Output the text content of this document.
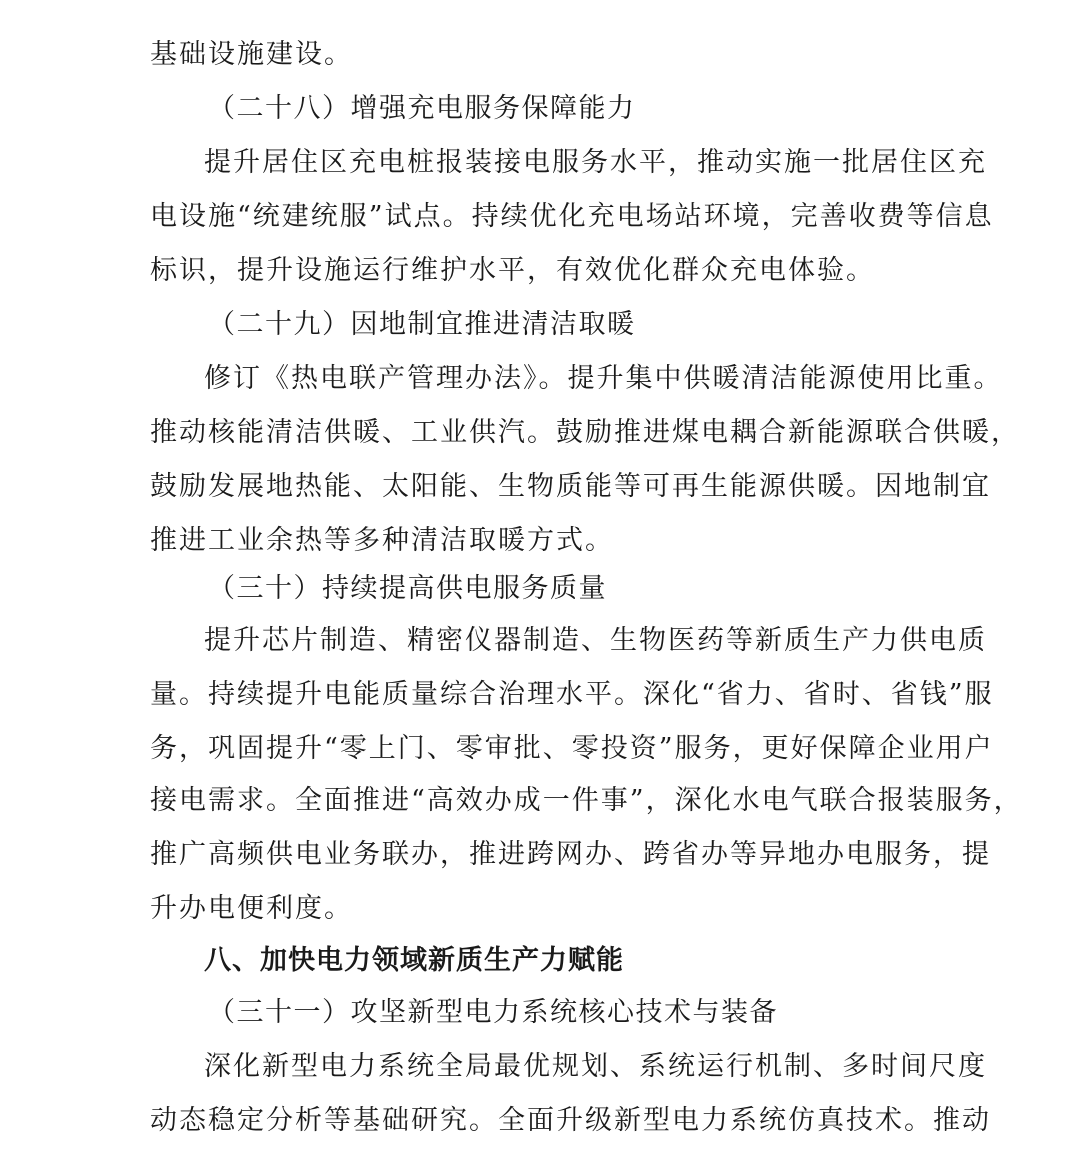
基础设施建设。
（二十八）增强充电服务保障能力
提升居住区充电桩报装接电服务水平，推动实施一批居住区充
电设施“统建统服”试点。持续优化充电场站环境，完善收费等信息
标识，提升设施运行维护水平，有效优化群众充电体验。
（二十九）因地制宜推进清洁取暖
修订《热电联产管理办法》。提升集中供暖清洁能源使用比重。
推动核能清洁供暖、工业供汽。鼓励推进煤电耦合新能源联合供暖，
鼓励发展地热能、太阳能、生物质能等可再生能源供暖。因地制宜
推进工业余热等多种清洁取暖方式。
（三十）持续提高供电服务质量
提升芯片制造、精密仪器制造、生物医药等新质生产力供电质
量。持续提升电能质量综合治理水平。深化“省力、省时、省钱”服
务，巩固提升“零上门、零审批、零投资”服务，更好保障企业用户
接电需求。全面推进“高效办成一件事”，深化水电气联合报装服务，
推广高频供电业务联办，推进跨网办、跨省办等异地办电服务，提
升办电便利度。
八、加快电力领域新质生产力赋能
（三十一）攻坚新型电力系统核心技术与装备
深化新型电力系统全局最优规划、系统运行机制、多时间尺度
动态稳定分析等基础研究。全面升级新型电力系统仿真技术。推动
